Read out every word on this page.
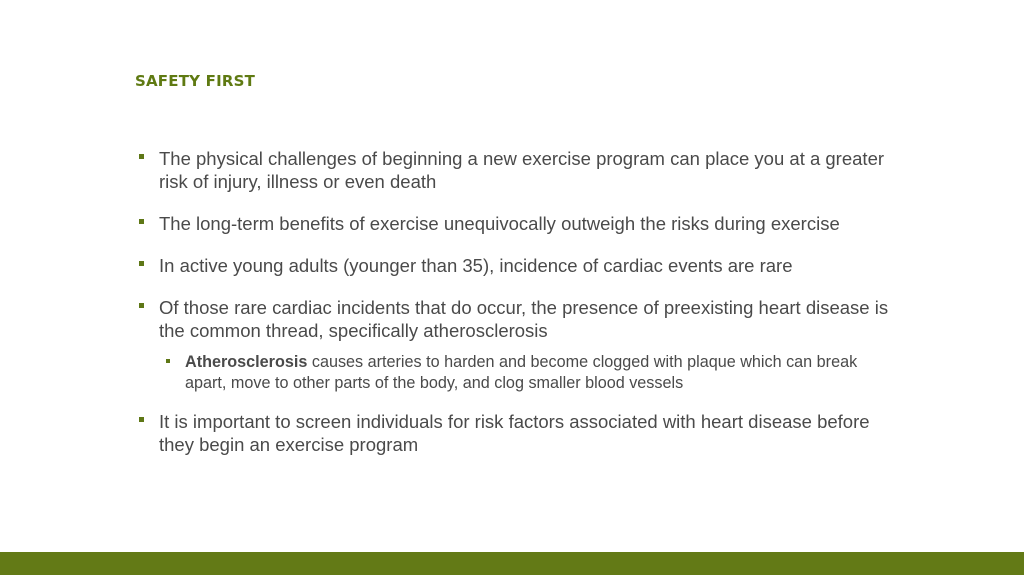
SAFETY FIRST
The physical challenges of beginning a new exercise program can place you at a greater risk of injury, illness or even death
The long-term benefits of exercise unequivocally outweigh the risks during exercise
In active young adults (younger than 35), incidence of cardiac events are rare
Of those rare cardiac incidents that do occur, the presence of preexisting heart disease is the common thread, specifically atherosclerosis
Atherosclerosis causes arteries to harden and become clogged with plaque which can break apart, move to other parts of the body, and clog smaller blood vessels
It is important to screen individuals for risk factors associated with heart disease before they begin an exercise program
